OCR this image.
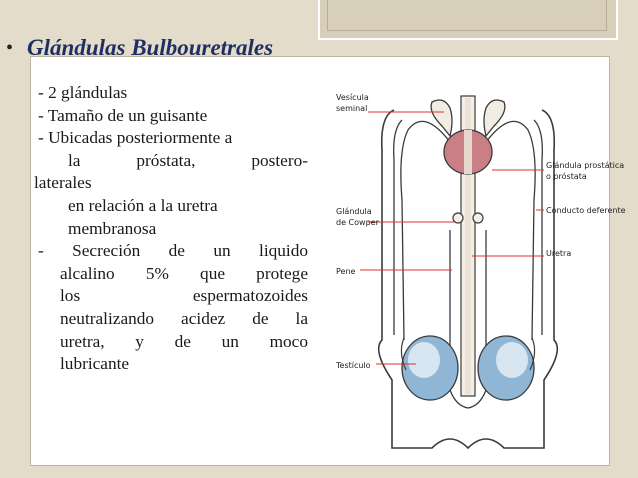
• Glándulas Bulbouretrales
- 2 glándulas
- Tamaño de un guisante
- Ubicadas posteriormente a
la próstata, postero-
laterales
en relación a la uretra
membranosa
- Secreción de un liquido
alcalino 5% que protege
los espermatozoides
neutralizando acidez de la
uretra, y de un moco
lubricante
Vesícula
seminal
Glándula prostática
o próstata
Conducto deferente
Glándula
de Cowper
Uretra
Pene
Testículo
